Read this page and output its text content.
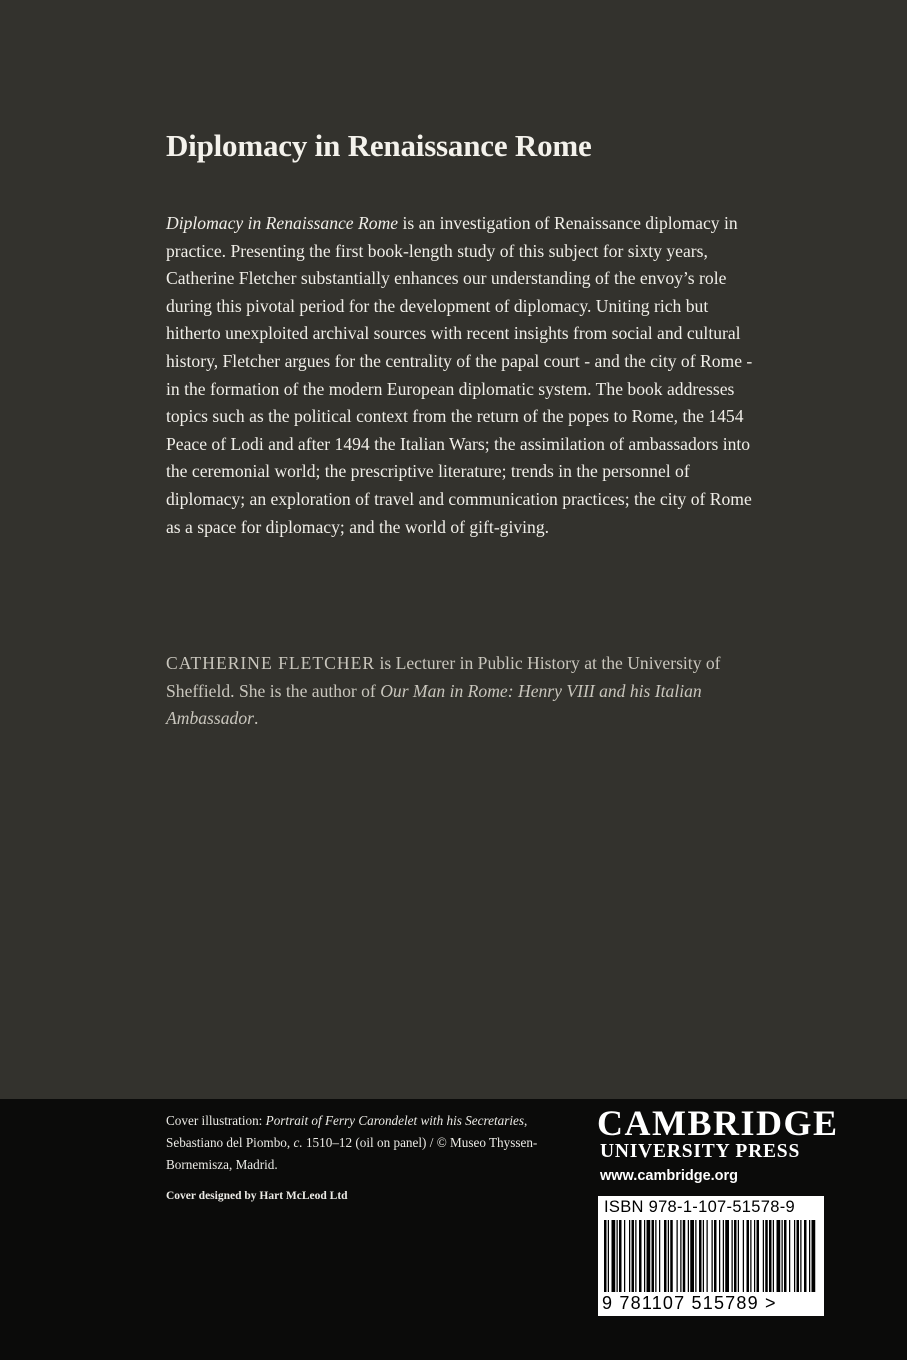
Diplomacy in Renaissance Rome

Diplomacy in Renaissance Rome is an investigation of Renaissance diplomacy in practice. Presenting the first book-length study of this subject for sixty years, Catherine Fletcher substantially enhances our understanding of the envoy’s role during this pivotal period for the development of diplomacy. Uniting rich but hitherto unexploited archival sources with recent insights from social and cultural history, Fletcher argues for the centrality of the papal court - and the city of Rome - in the formation of the modern European diplomatic system. The book addresses topics such as the political context from the return of the popes to Rome, the 1454 Peace of Lodi and after 1494 the Italian Wars; the assimilation of ambassadors into the ceremonial world; the prescriptive literature; trends in the personnel of diplomacy; an exploration of travel and communication practices; the city of Rome as a space for diplomacy; and the world of gift-giving.

CATHERINE FLETCHER is Lecturer in Public History at the University of Sheffield. She is the author of Our Man in Rome: Henry VIII and his Italian Ambassador.

Cover illustration: Portrait of Ferry Carondelet with his Secretaries, Sebastiano del Piombo, c. 1510–12 (oil on panel) / © Museo Thyssen-Bornemisza, Madrid.

Cover designed by Hart McLeod Ltd

CAMBRIDGE
UNIVERSITY PRESS
www.cambridge.org
ISBN 978-1-107-51578-9
9 781107 515789 >
